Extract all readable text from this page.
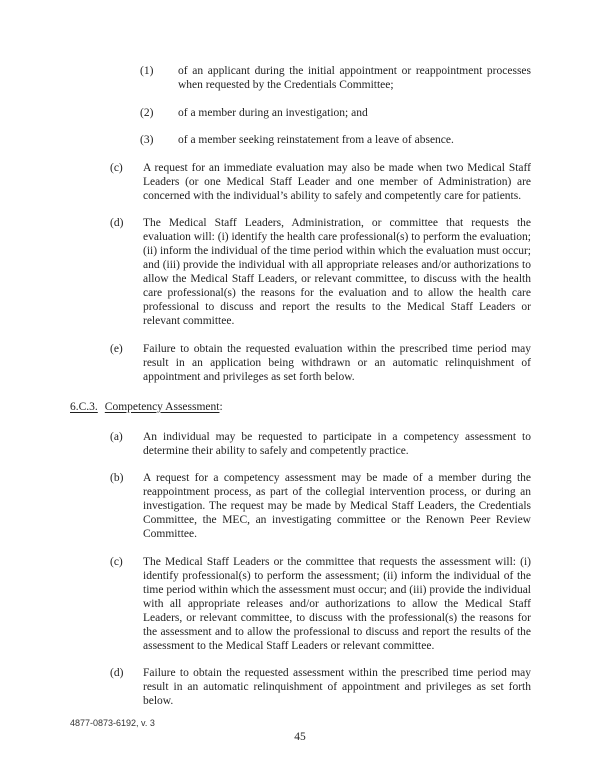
(1)	of an applicant during the initial appointment or reappointment processes when requested by the Credentials Committee;
(2)	of a member during an investigation; and
(3)	of a member seeking reinstatement from a leave of absence.
(c)	A request for an immediate evaluation may also be made when two Medical Staff Leaders (or one Medical Staff Leader and one member of Administration) are concerned with the individual’s ability to safely and competently care for patients.
(d)	The Medical Staff Leaders, Administration, or committee that requests the evaluation will: (i) identify the health care professional(s) to perform the evaluation; (ii) inform the individual of the time period within which the evaluation must occur; and (iii) provide the individual with all appropriate releases and/or authorizations to allow the Medical Staff Leaders, or relevant committee, to discuss with the health care professional(s) the reasons for the evaluation and to allow the health care professional to discuss and report the results to the Medical Staff Leaders or relevant committee.
(e)	Failure to obtain the requested evaluation within the prescribed time period may result in an application being withdrawn or an automatic relinquishment of appointment and privileges as set forth below.
6.C.3. Competency Assessment:
(a)	An individual may be requested to participate in a competency assessment to determine their ability to safely and competently practice.
(b)	A request for a competency assessment may be made of a member during the reappointment process, as part of the collegial intervention process, or during an investigation. The request may be made by Medical Staff Leaders, the Credentials Committee, the MEC, an investigating committee or the Renown Peer Review Committee.
(c)	The Medical Staff Leaders or the committee that requests the assessment will: (i) identify professional(s) to perform the assessment; (ii) inform the individual of the time period within which the assessment must occur; and (iii) provide the individual with all appropriate releases and/or authorizations to allow the Medical Staff Leaders, or relevant committee, to discuss with the professional(s) the reasons for the assessment and to allow the professional to discuss and report the results of the assessment to the Medical Staff Leaders or relevant committee.
(d)	Failure to obtain the requested assessment within the prescribed time period may result in an automatic relinquishment of appointment and privileges as set forth below.
4877-0873-6192, v. 3
45
